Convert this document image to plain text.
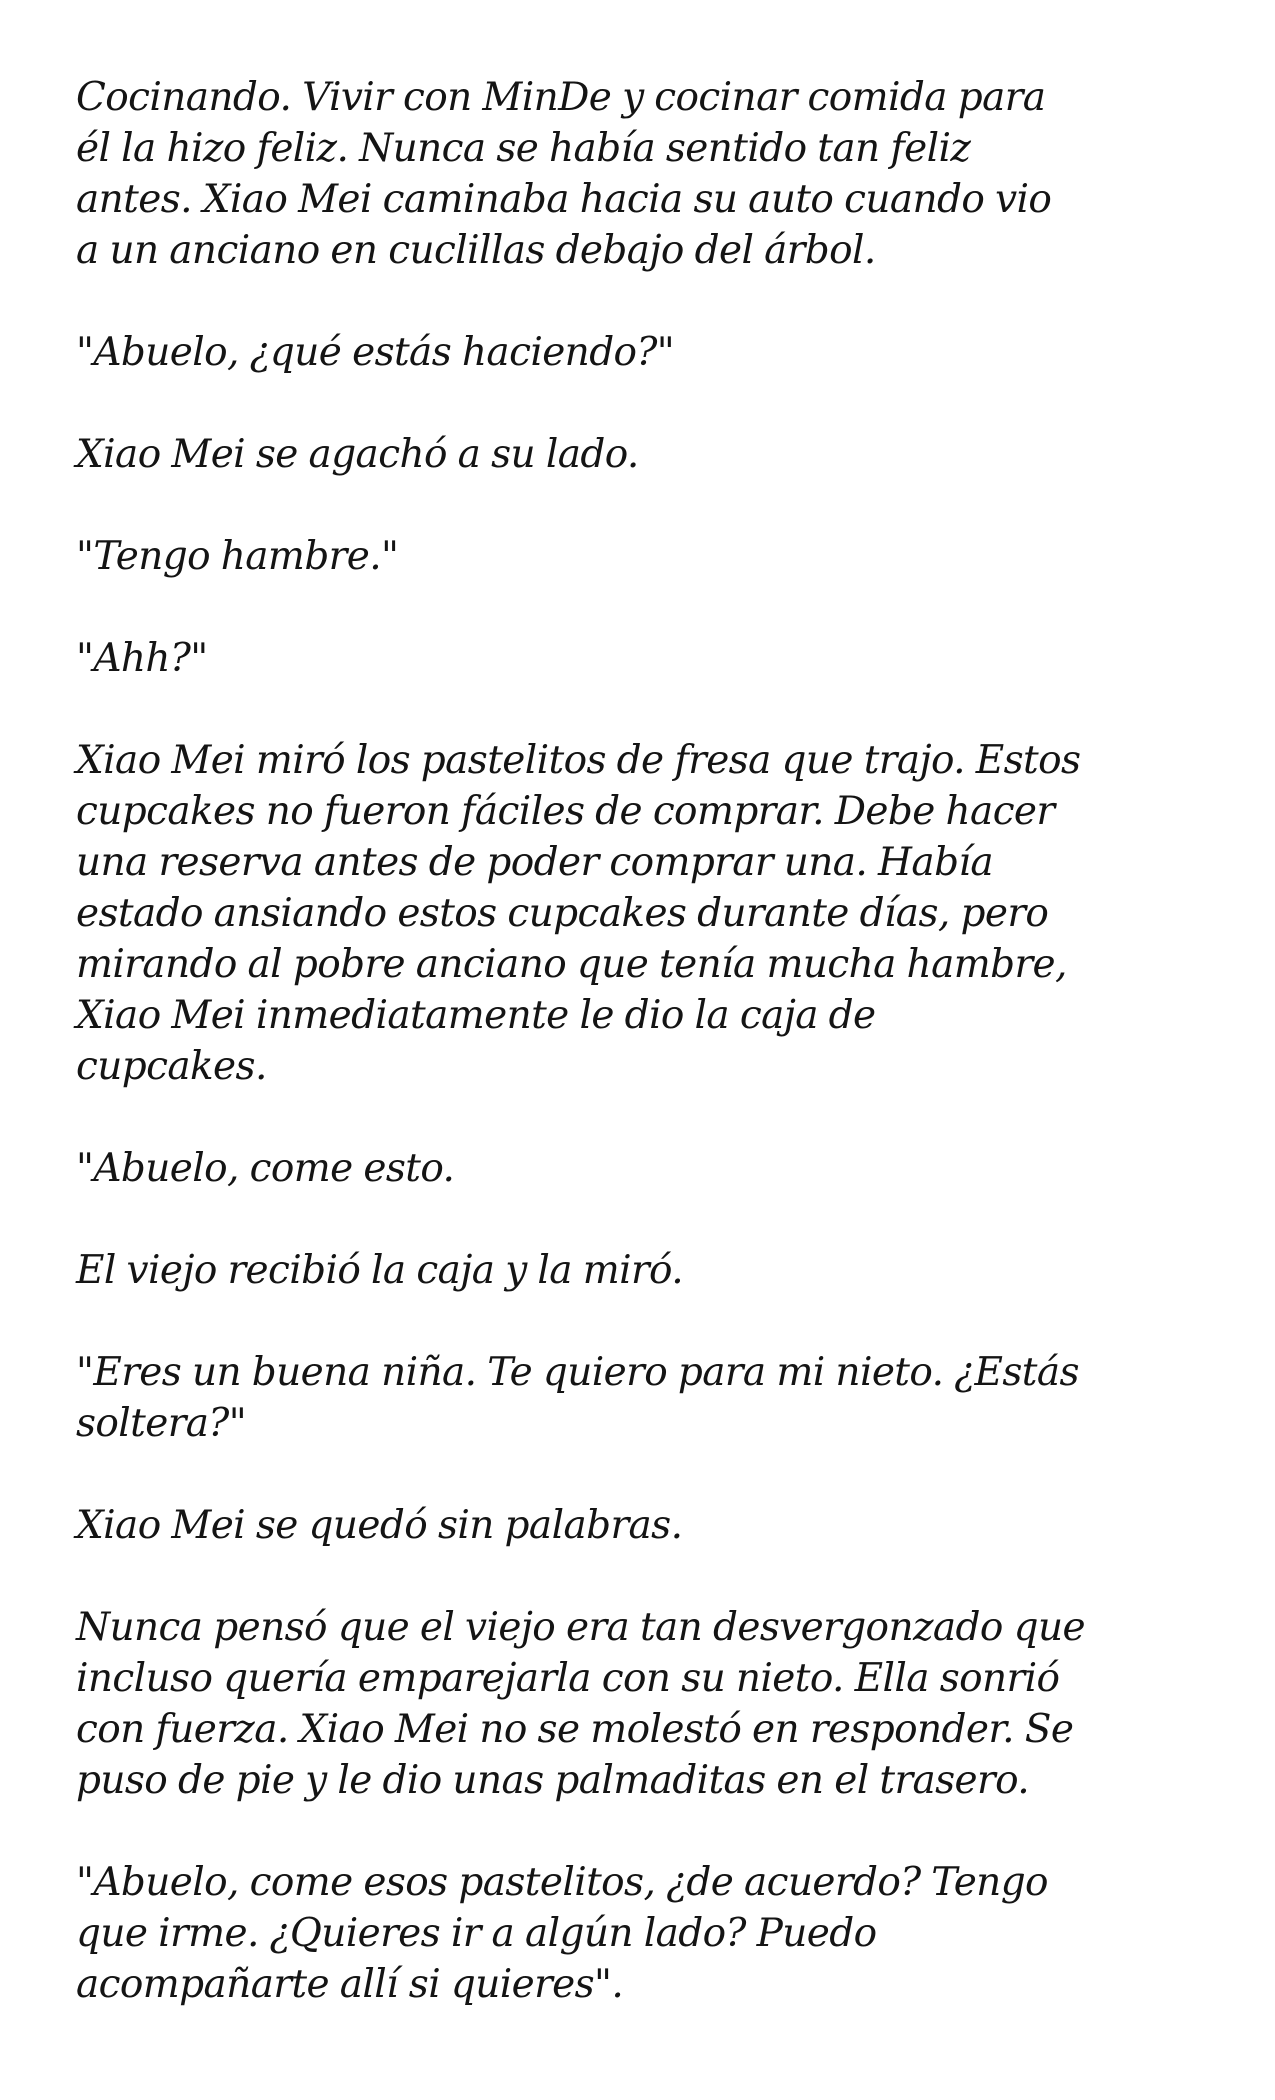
Cocinando. Vivir con MinDe y cocinar comida para
él la hizo feliz. Nunca se había sentido tan feliz
antes. Xiao Mei caminaba hacia su auto cuando vio
a un anciano en cuclillas debajo del árbol.

"Abuelo, ¿qué estás haciendo?"

Xiao Mei se agachó a su lado.

"Tengo hambre."

"Ahh?"

Xiao Mei miró los pastelitos de fresa que trajo. Estos
cupcakes no fueron fáciles de comprar. Debe hacer
una reserva antes de poder comprar una. Había
estado ansiando estos cupcakes durante días, pero
mirando al pobre anciano que tenía mucha hambre,
Xiao Mei inmediatamente le dio la caja de
cupcakes.

"Abuelo, come esto.

El viejo recibió la caja y la miró.

"Eres un buena niña. Te quiero para mi nieto. ¿Estás
soltera?"

Xiao Mei se quedó sin palabras.

Nunca pensó que el viejo era tan desvergonzado que
incluso quería emparejarla con su nieto. Ella sonrió
con fuerza. Xiao Mei no se molestó en responder. Se
puso de pie y le dio unas palmaditas en el trasero.

"Abuelo, come esos pastelitos, ¿de acuerdo? Tengo
que irme. ¿Quieres ir a algún lado? Puedo
acompañarte allí si quieres".
